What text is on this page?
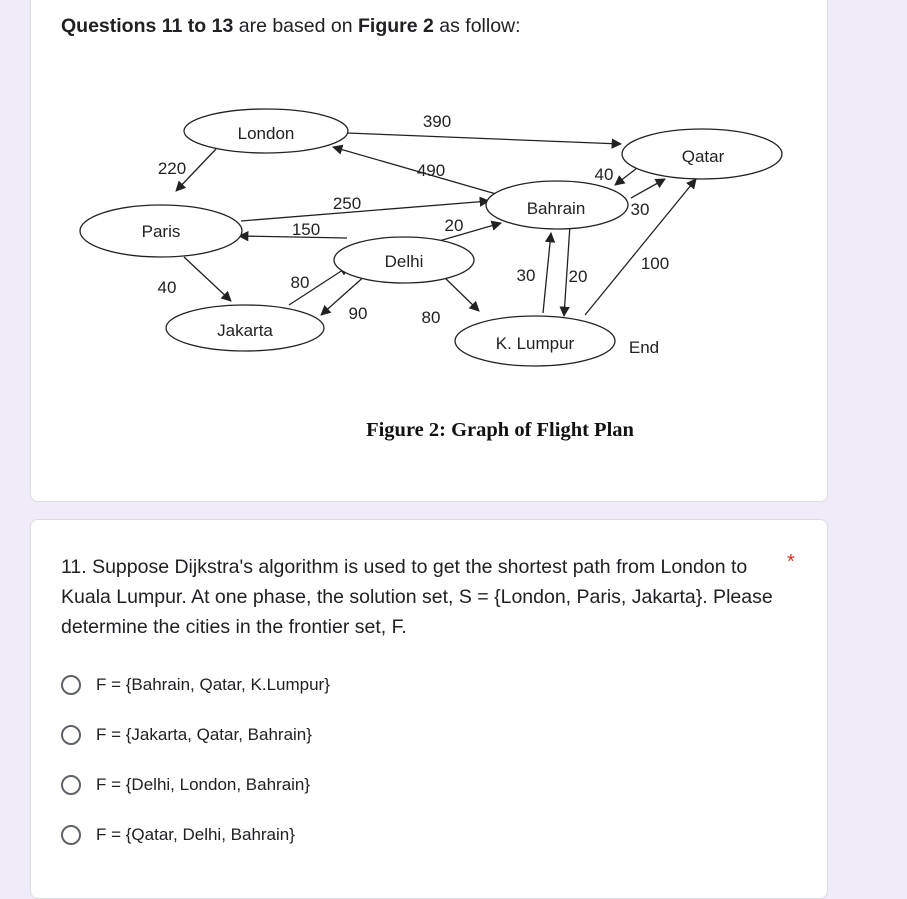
Questions 11 to 13 are based on Figure 2 as follow:
London
Paris
Jakarta
Delhi
Bahrain
K. Lumpur
Qatar
End
390
220	490
250
150	20
40	80
90	80
30 20
40
30
100
Figure 2: Graph of Flight Plan
11. Suppose Dijkstra's algorithm is used to get the shortest path from London to Kuala Lumpur. At one phase, the solution set, S = {London, Paris, Jakarta}. Please determine the cities in the frontier set, F.
*
F = {Bahrain, Qatar, K.Lumpur}
F = {Jakarta, Qatar, Bahrain}
F = {Delhi, London, Bahrain}
F = {Qatar, Delhi, Bahrain}
